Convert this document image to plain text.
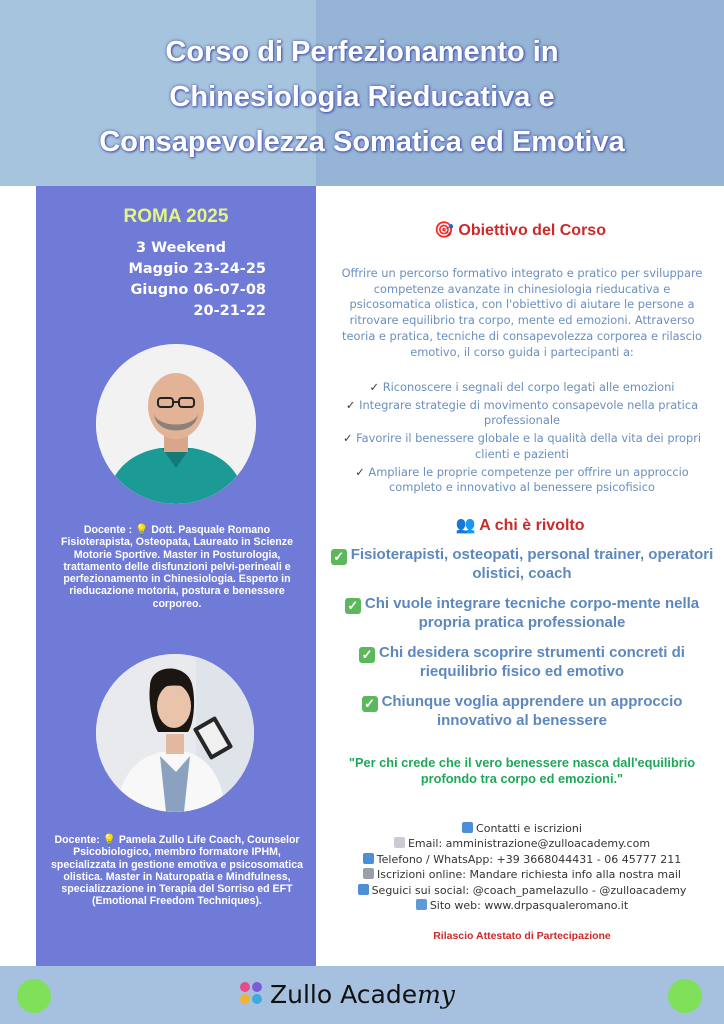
Corso di Perfezionamento in
Chinesiologia Rieducativa e
Consapevolezza Somatica ed Emotiva
ROMA 2025
3 Weekend
Maggio 23-24-25
Giugno 06-07-08
20-21-22
Docente : 💡 Dott. Pasquale Romano Fisioterapista, Osteopata, Laureato in Scienze Motorie Sportive. Master in Posturologia, trattamento delle disfunzioni pelvi-perineali e perfezionamento in Chinesiologia. Esperto in rieducazione motoria, postura e benessere corporeo.
Docente: 💡 Pamela Zullo Life Coach, Counselor Psicobiologico, membro formatore IPHM, specializzata in gestione emotiva e psicosomatica olistica. Master in Naturopatia e Mindfulness, specializzazione in Terapia del Sorriso ed EFT (Emotional Freedom Techniques).
🎯 Obiettivo del Corso
Offrire un percorso formativo integrato e pratico per sviluppare competenze avanzate in chinesiologia rieducativa e psicosomatica olistica, con l'obiettivo di aiutare le persone a ritrovare equilibrio tra corpo, mente ed emozioni. Attraverso teoria e pratica, tecniche di consapevolezza corporea e rilascio emotivo, il corso guida i partecipanti a:
✓ Riconoscere i segnali del corpo legati alle emozioni
✓ Integrare strategie di movimento consapevole nella pratica professionale
✓ Favorire il benessere globale e la qualità della vita dei propri clienti e pazienti
✓ Ampliare le proprie competenze per offrire un approccio completo e innovativo al benessere psicofisico
👥 A chi è rivolto
✓ Fisioterapisti, osteopati, personal trainer, operatori olistici, coach
✓ Chi vuole integrare tecniche corpo-mente nella propria pratica professionale
✓ Chi desidera scoprire strumenti concreti di riequilibrio fisico ed emotivo
✓ Chiunque voglia apprendere un approccio innovativo al benessere
"Per chi crede che il vero benessere nasca dall'equilibrio profondo tra corpo ed emozioni."
Contatti e iscrizioni
Email: amministrazione@zulloacademy.com
Telefono / WhatsApp: +39 3668044431 - 06 45777 211
Iscrizioni online: Mandare richiesta info alla nostra mail
Seguici sui social: @coach_pamelazullo - @zulloacademy
Sito web: www.drpasqualeromano.it
Rilascio Attestato di Partecipazione
Zullo Academy
